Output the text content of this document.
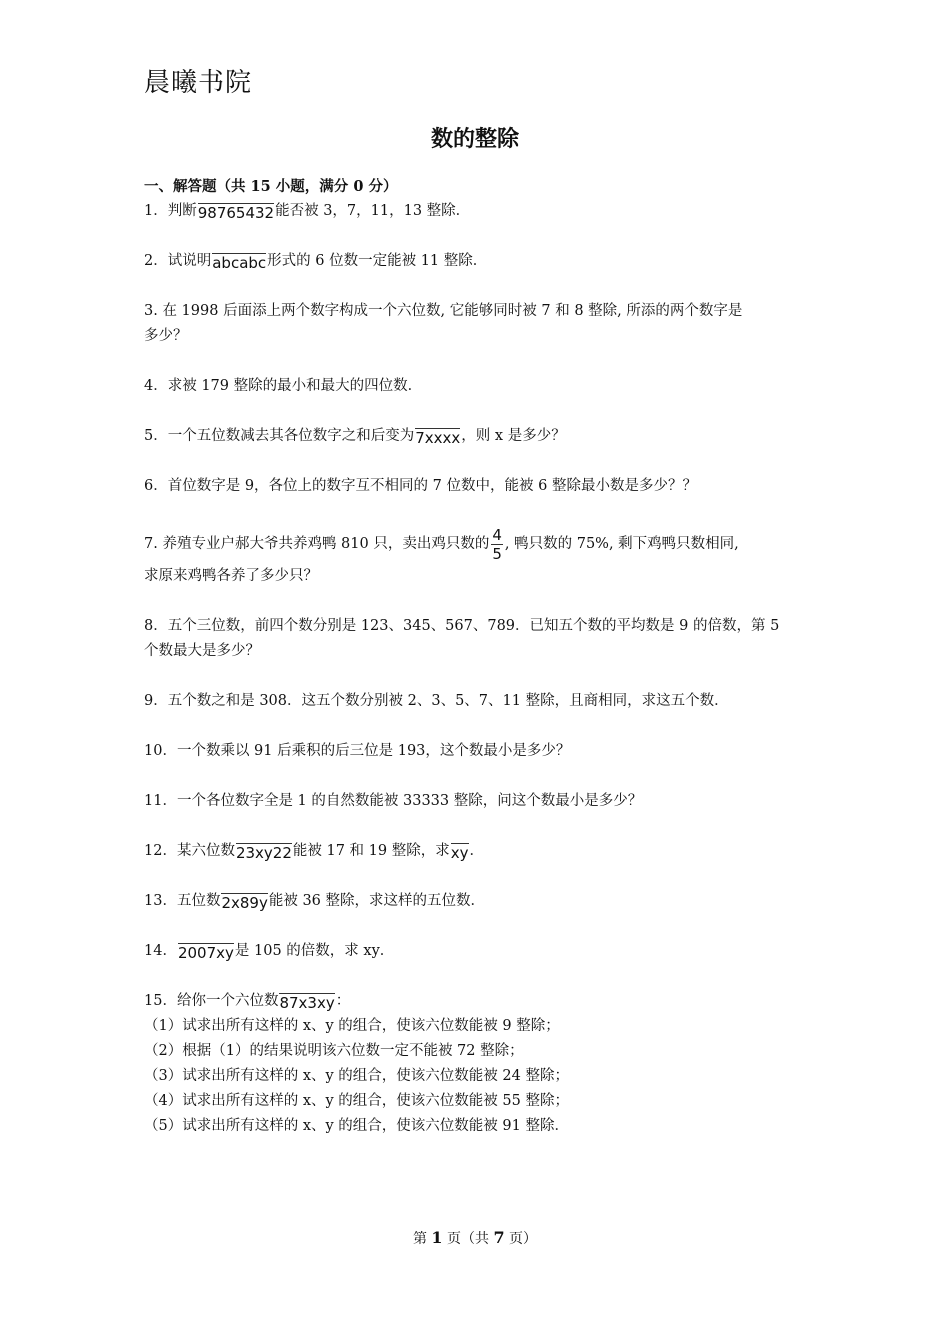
晨曦书院
数的整除
一、解答题（共 15 小题，满分 0 分）
1．判断98765432能否被 3，7，11，13 整除．
2．试说明abcabc形式的 6 位数一定能被 11 整除．
3. 在 1998 后面添上两个数字构成一个六位数, 它能够同时被 7 和 8 整除, 所添的两个数字是
多少？
4．求被 179 整除的最小和最大的四位数．
5．一个五位数减去其各位数字之和后变为7xxxx，则 x 是多少？
6．首位数字是 9，各位上的数字互不相同的 7 位数中，能被 6 整除最小数是多少？？
7. 养殖专业户郝大爷共养鸡鸭 810 只，卖出鸡只数的 $\frac{4}{5}$ , 鸭只数的 75%, 剩下鸡鸭只数相同,
求原来鸡鸭各养了多少只？
8．五个三位数，前四个数分别是 123、345、567、789．已知五个数的平均数是 9 的倍数，第 5
个数最大是多少？
9．五个数之和是 308．这五个数分别被 2、3、5、7、11 整除，且商相同，求这五个数．
10．一个数乘以 91 后乘积的后三位是 193，这个数最小是多少？
11．一个各位数字全是 1 的自然数能被 33333 整除，问这个数最小是多少？
12．某六位数23xy22能被 17 和 19 整除，求xy．
13．五位数2x89y能被 36 整除，求这样的五位数．
14．2007xy是 105 的倍数，求 xy．
15．给你一个六位数87x3xy：
（1）试求出所有这样的 x、y 的组合，使该六位数能被 9 整除；
（2）根据（1）的结果说明该六位数一定不能被 72 整除；
（3）试求出所有这样的 x、y 的组合，使该六位数能被 24 整除；
（4）试求出所有这样的 x、y 的组合，使该六位数能被 55 整除；
（5）试求出所有这样的 x、y 的组合，使该六位数能被 91 整除．
第 1 页（共 7 页）
